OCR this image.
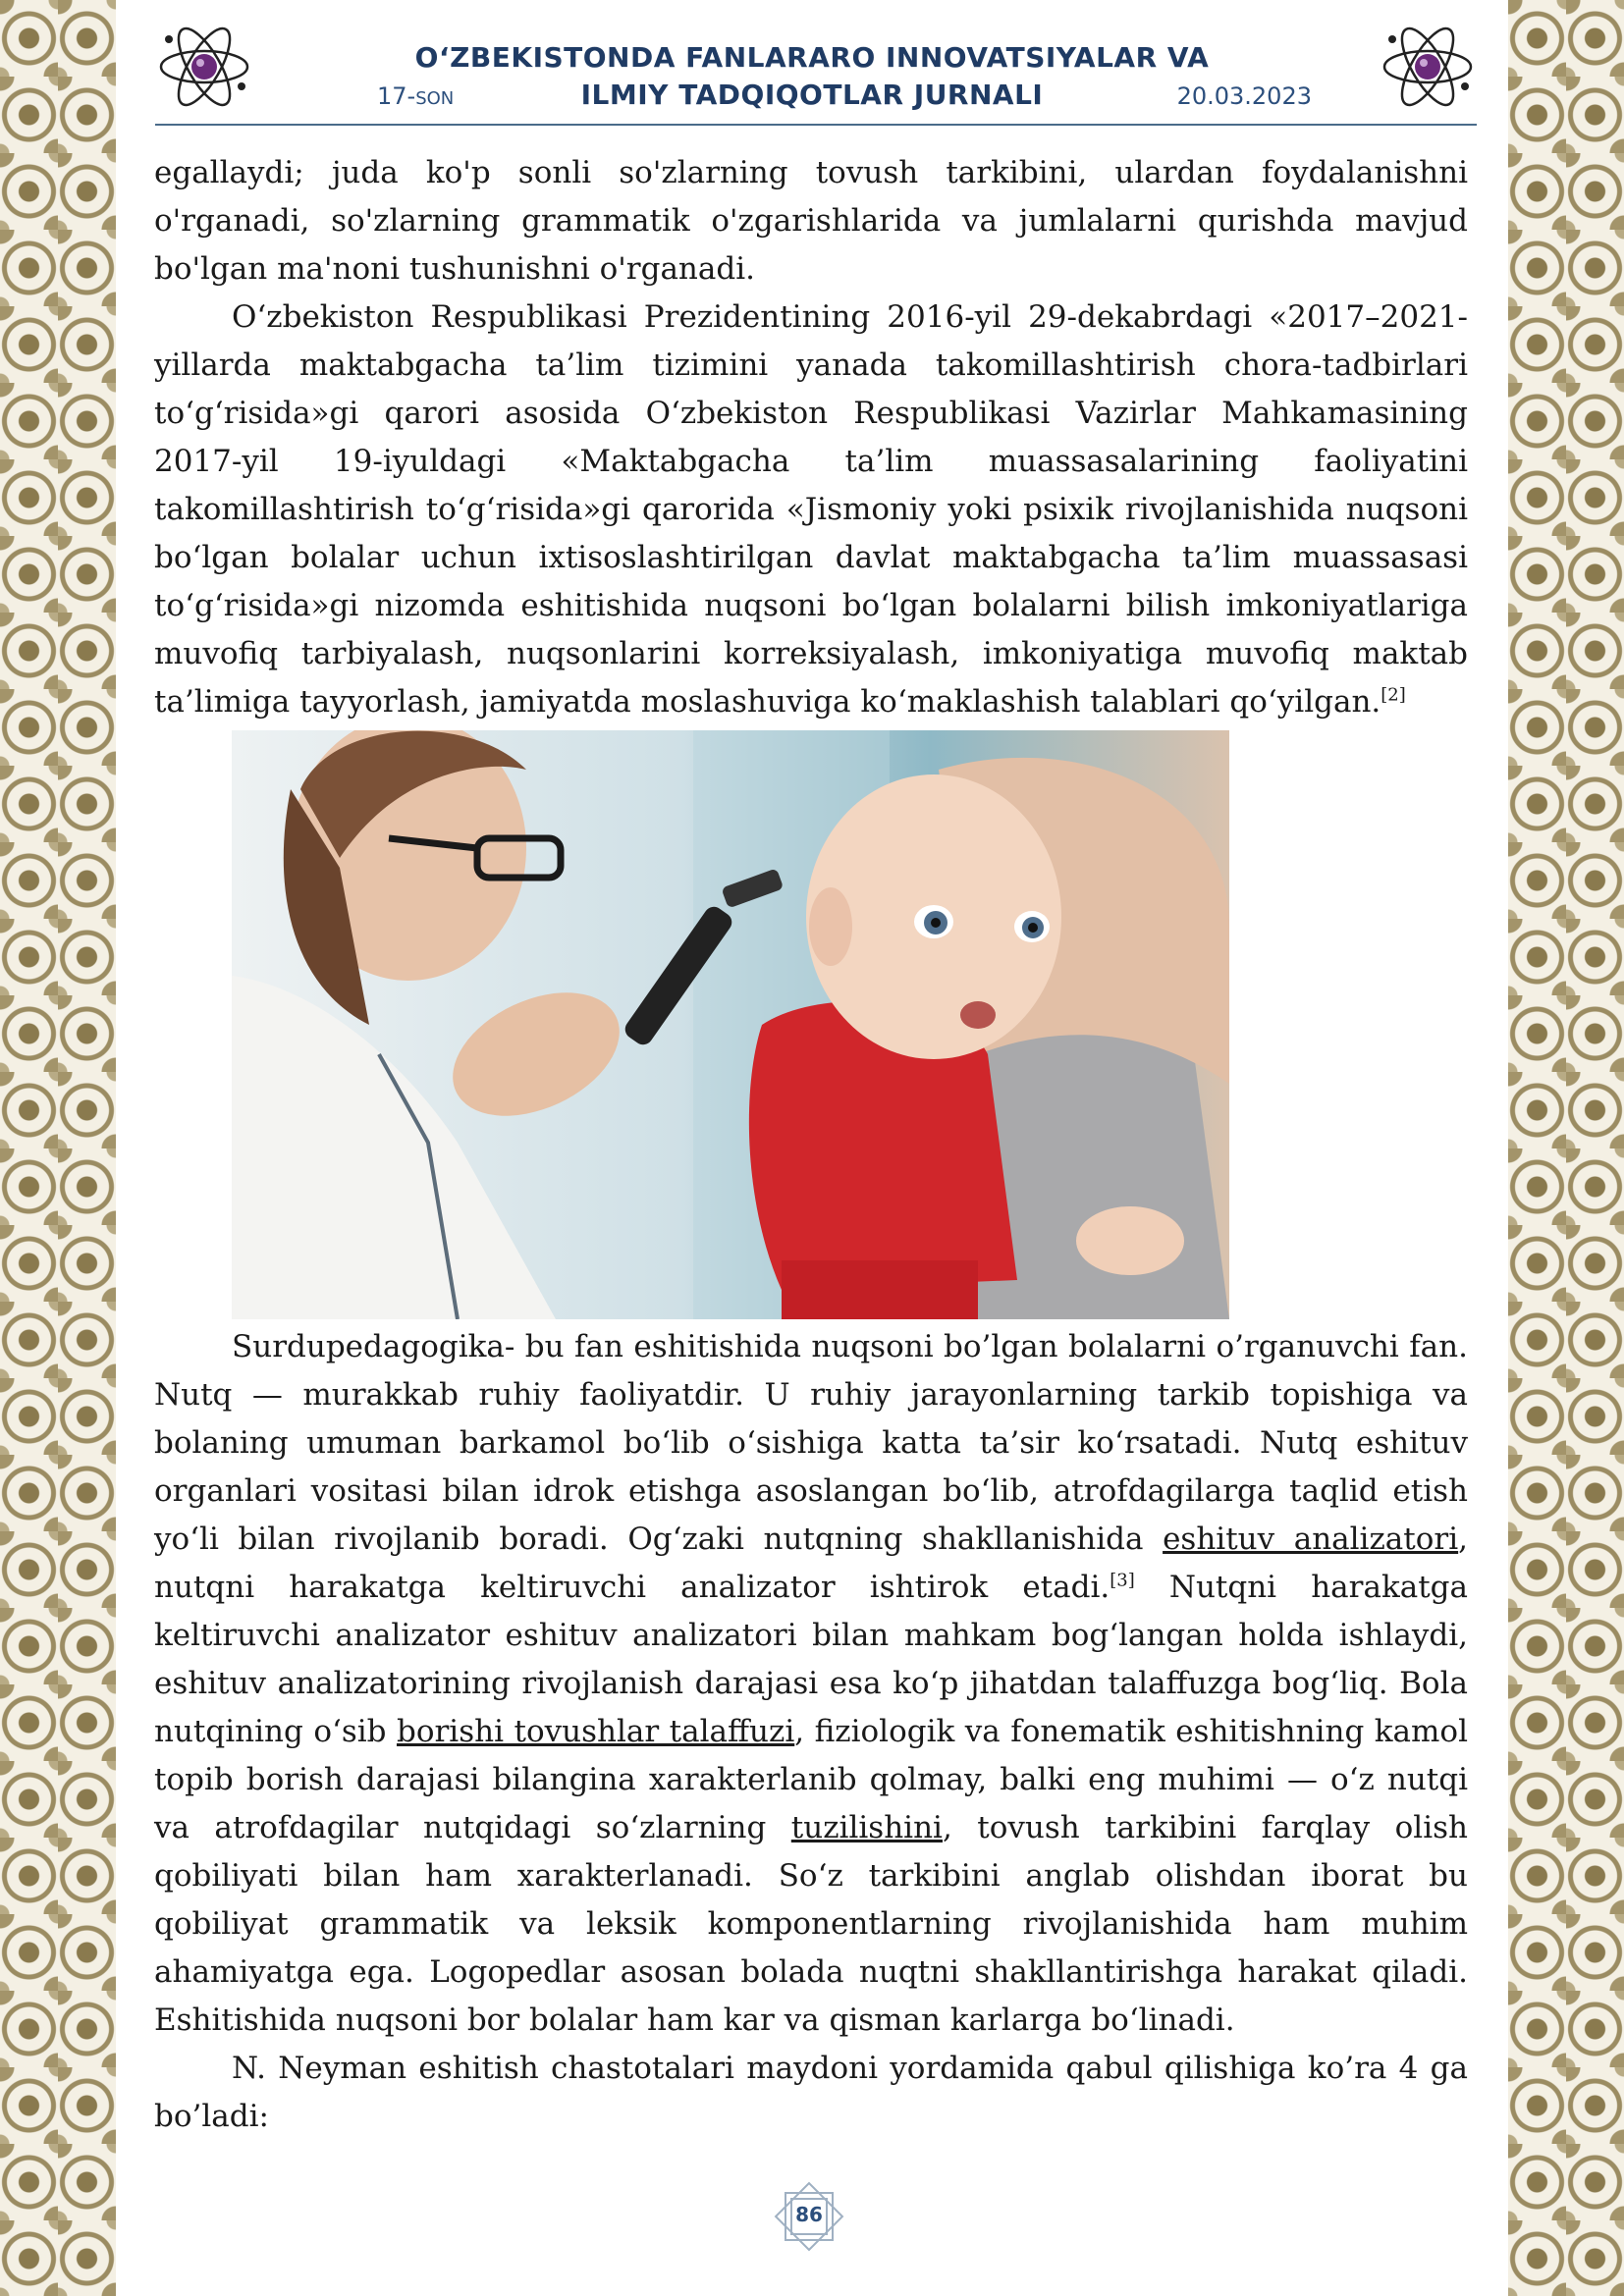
O‘ZBEKISTONDA FANLARARO INNOVATSIYALAR VA
ILMIY TADQIQOTLAR JURNALI
17-SON	20.03.2023

egallaydi; juda ko'p sonli so'zlarning tovush tarkibini, ulardan foydalanishni o'rganadi, so'zlarning grammatik o'zgarishlarida va jumlalarni qurishda mavjud bo'lgan ma'noni tushunishni o'rganadi.

O‘zbekiston Respublikasi Prezidentining 2016-yil 29-dekabrdagi «2017–2021-yillarda maktabgacha ta’lim tizimini yanada takomillashtirish chora-tadbirlari to‘g‘risida»gi qarori asosida O‘zbekiston Respublikasi Vazirlar Mahkamasining 2017-yil 19-iyuldagi «Maktabgacha ta’lim muassasalarining faoliyatini takomillashtirish to‘g‘risida»gi qarorida «Jismoniy yoki psixik rivojlanishida nuqsoni bo‘lgan bolalar uchun ixtisoslashtirilgan davlat maktabgacha ta’lim muassasasi to‘g‘risida»gi nizomda eshitishida nuqsoni bo‘lgan bolalarni bilish imkoniyatlariga muvofiq tarbiyalash, nuqsonlarini korreksiyalash, imkoniyatiga muvofiq maktab ta’limiga tayyorlash, jamiyatda moslashuviga ko‘maklashish talablari qo‘yilgan.[2]

Surdupedagogika- bu fan eshitishida nuqsoni bo’lgan bolalarni o’rganuvchi fan. Nutq — murakkab ruhiy faoliyatdir. U ruhiy jarayonlarning tarkib topishiga va bolaning umuman barkamol bo‘lib o‘sishiga katta ta’sir ko‘rsatadi. Nutq eshituv organlari vositasi bilan idrok etishga asoslangan bo‘lib, atrofdagilarga taqlid etish yo‘li bilan rivojlanib boradi. Og‘zaki nutqning shakllanishida eshituv analizatori, nutqni harakatga keltiruvchi analizator ishtirok etadi.[3] Nutqni harakatga keltiruvchi analizator eshituv analizatori bilan mahkam bog‘langan holda ishlaydi, eshituv analizatorining rivojlanish darajasi esa ko‘p jihatdan talaffuzga bog‘liq. Bola nutqining o‘sib borishi tovushlar talaffuzi, fiziologik va fonematik eshitishning kamol topib borish darajasi bilangina xarakterlanib qolmay, balki eng muhimi — o‘z nutqi va atrofdagilar nutqidagi so‘zlarning tuzilishini, tovush tarkibini farqlay olish qobiliyati bilan ham xarakterlanadi. So‘z tarkibini anglab olishdan iborat bu qobiliyat grammatik va leksik komponentlarning rivojlanishida ham muhim ahamiyatga ega. Logopedlar asosan bolada nuqtni shakllantirishga harakat qiladi. Eshitishida nuqsoni bor bolalar ham kar va qisman karlarga bo‘linadi.

N. Neyman eshitish chastotalari maydoni yordamida qabul qilishiga ko’ra 4 ga bo’ladi:

86
